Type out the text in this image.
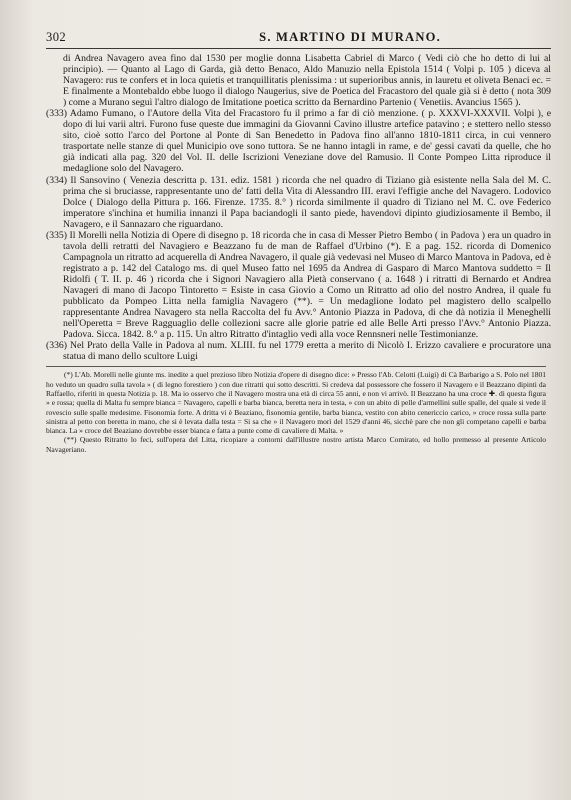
302	S. MARTINO DI MURANO.

di Andrea Navagero avea fino dal 1530 per moglie donna Lisabetta Cabriel di Marco ( Vedi ciò che ho detto di lui al principio). — Quanto al Lago di Garda, già detto Benaco, Aldo Manuzio nella Epistola 1514 ( Volpi p. 105 ) diceva al Navagero: rus te confers et in loca quietis et tranquillitatis plenissima : ut superioribus annis, in lauretu et oliveta Benaci ec. = E finalmente a Montebaldo ebbe luogo il dialogo Naugerius, sive de Poetica del Fracastoro del quale già si è detto ( nota 309 ) come a Murano seguì l'altro dialogo de Imitatione poetica scritto da Bernardino Partenio ( Venetiis. Avancius 1565 ).

(333) Adamo Fumano, o l'Autore della Vita del Fracastoro fu il primo a far di ciò menzione. ( p. XXXVI-XXXVII. Volpi ), e dopo di lui varii altri. Furono fuse queste due immagini da Giovanni Cavino illustre artefice patavino ; e stettero nello stesso sito, cioè sotto l'arco del Portone al Ponte di San Benedetto in Padova fino all'anno 1810-1811 circa, in cui vennero trasportate nelle stanze di quel Municipio ove sono tuttora. Se ne hanno intagli in rame, e de' gessi cavati da quelle, che ho già indicati alla pag. 320 del Vol. II. delle Iscrizioni Veneziane dove del Ramusio. Il Conte Pompeo Litta riproduce il medaglione solo del Navagero.

(334) Il Sansovino ( Venezia descritta p. 131. ediz. 1581 ) ricorda che nel quadro di Tiziano già esistente nella Sala del M. C. prima che si bruciasse, rappresentante uno de' fatti della Vita di Alessandro III. eravi l'effigie anche del Navagero. Lodovico Dolce ( Dialogo della Pittura p. 166. Firenze. 1735. 8.° ) ricorda similmente il quadro di Tiziano nel M. C. ove Federico imperatore s'inchina et humilia innanzi il Papa baciandogli il santo piede, havendovi dipinto giudiziosamente il Bembo, il Navagero, e il Sannazaro che riguardano.

(335) Il Morelli nella Notizia di Opere di disegno p. 18 ricorda che in casa di Messer Pietro Bembo ( in Padova ) era un quadro in tavola delli retratti del Navagiero e Beazzano fu de man de Raffael d'Urbino (*). E a pag. 152. ricorda di Domenico Campagnola un ritratto ad acquerella di Andrea Navagero, il quale già vedevasi nel Museo di Marco Mantova in Padova, ed è registrato a p. 142 del Catalogo ms. di quel Museo fatto nel 1695 da Andrea di Gasparo di Marco Mantova suddetto = Il Ridolfi ( T. II. p. 46 ) ricorda che i Signori Navagiero alla Pietà conservano ( a. 1648 ) i ritratti di Bernardo et Andrea Navageri di mano di Jacopo Tintoretto = Esiste in casa Giovio a Como un Ritratto ad olio del nostro Andrea, il quale fu pubblicato da Pompeo Litta nella famiglia Navagero (**). = Un medaglione lodato pel magistero dello scalpello rappresentante Andrea Navagero sta nella Raccolta del fu Avv.° Antonio Piazza in Padova, di che dà notizia il Meneghelli nell'Operetta = Breve Ragguaglio delle collezioni sacre alle glorie patrie ed alle Belle Arti presso l'Avv.° Antonio Piazza. Padova. Sicca. 1842. 8.° a p. 115. Un altro Ritratto d'intaglio vedi alla voce Rennsneri nelle Testimonianze.

(336) Nel Prato della Valle in Padova al num. XLIII. fu nel 1779 eretta a merito di Nicolò I. Erizzo cavaliere e procuratore una statua di mano dello scultore Luigi

(*) L'Ab. Morelli nelle giunte ms. inedite a quel prezioso libro Notizia d'opere di disegno dice: » Presso l'Ab. Celotti (Luigi) di Cà Barbarigo a S. Polo nel 1801 ho veduto un quadro sulla tavola » ( di legno forestiero ) con due ritratti qui sotto descritti. Si credeva dal possessore che fossero il Navagero e il Beazzano dipinti da Raffaello, riferiti in questa Notizia p. 18. Ma io osservo che il Navagero mostra una età di circa 55 anni, e non vi arrivò. Il Beazzano ha una croce ✚. di questa figura » e rossa; quella di Malta fu sempre bianca = Navagero, capelli e barba bianca, beretta nera in testa, » con un abito di pelle d'armellini sulle spalle, del quale si vede il rovescio sulle spalle medesime. Fisonomia forte. A dritta vi è Beaziano, fisonomia gentile, barba bianca, vestito con abito cenericcio carico, » croce rossa sulla parte sinistra al petto con beretta in mano, che si è levata dalla testa = Si sa che » il Navagero morì del 1529 d'anni 46, sicchè pare che non gli competano capelli e barba bianca. La » croce del Beaziano dovrebbe esser bianca e fatta a punte come di cavaliere di Malta. »

(**) Questo Ritratto lo feci, sull'opera del Litta, ricopiare a contorni dall'illustre nostro artista Marco Comirato, ed hollo premesso al presente Articolo Navageriano.
